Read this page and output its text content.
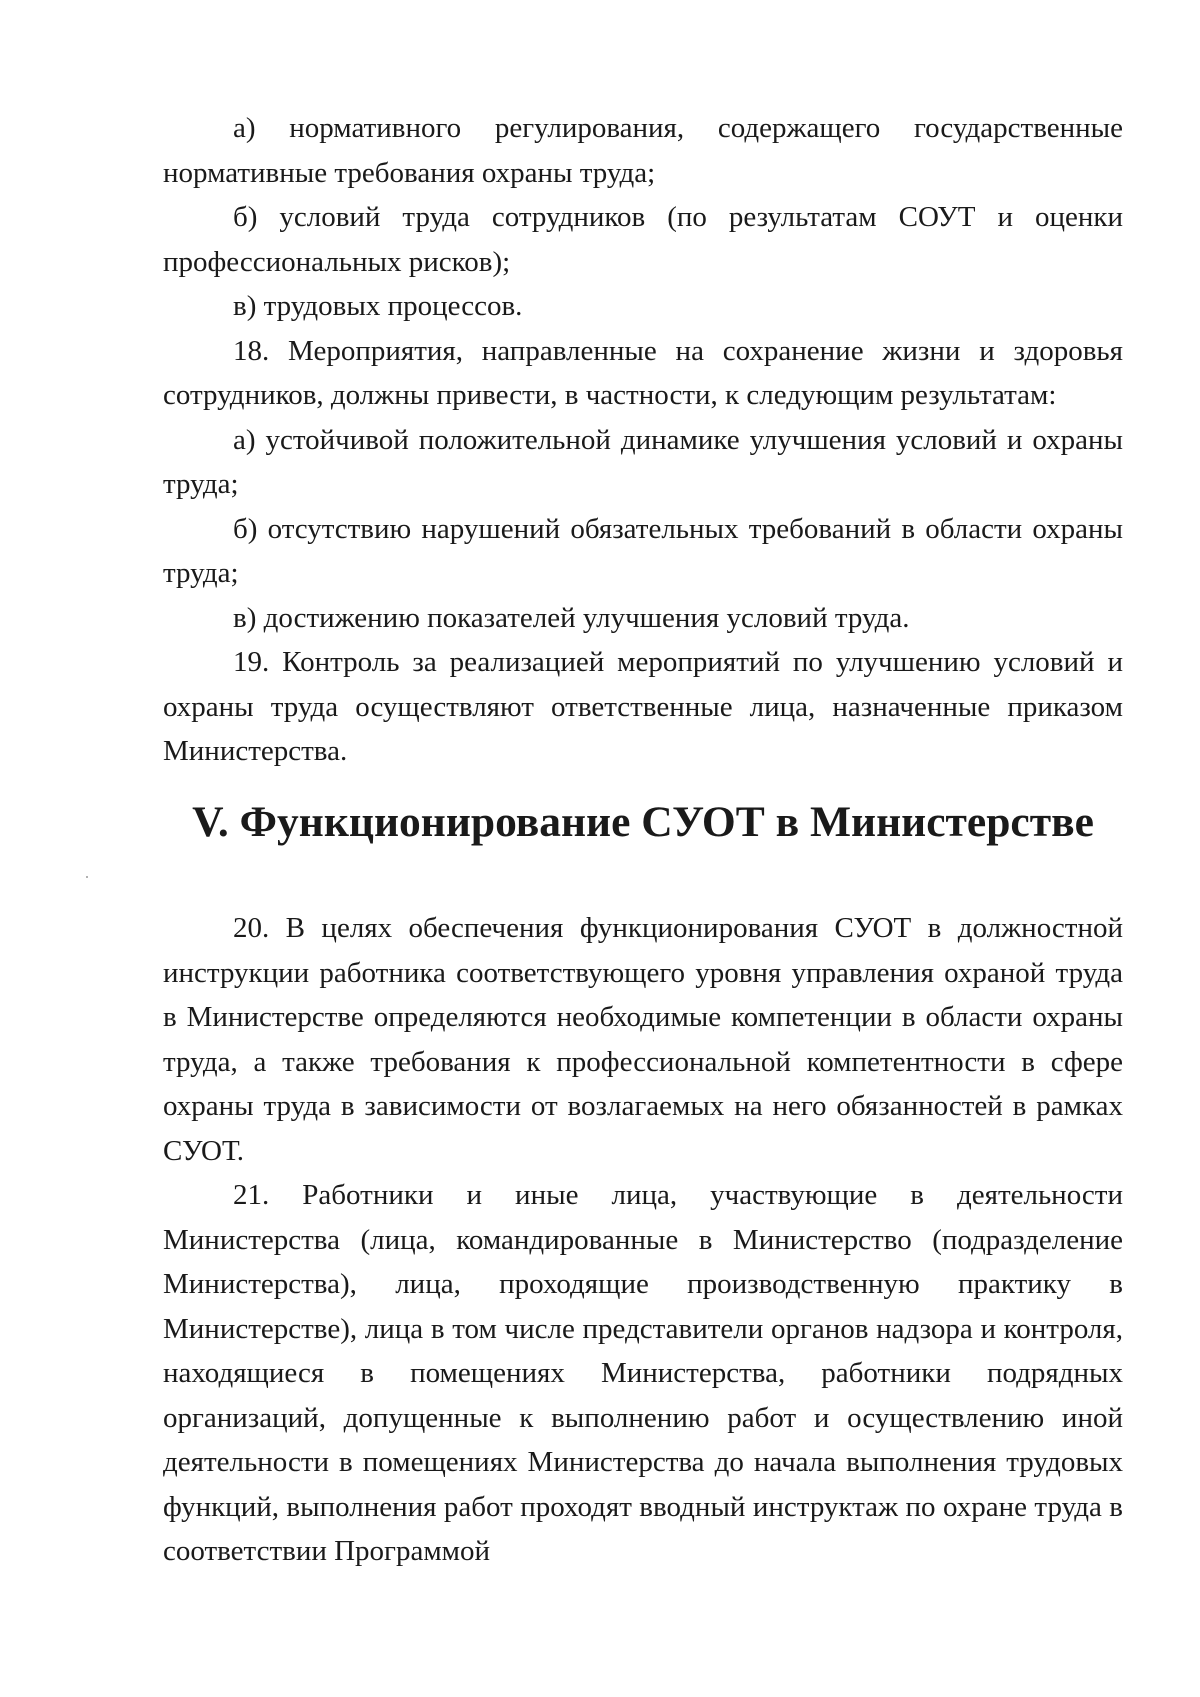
а) нормативного регулирования, содержащего государственные нормативные требования охраны труда;

б) условий труда сотрудников (по результатам СОУТ и оценки профессиональных рисков);

в) трудовых процессов.

18. Мероприятия, направленные на сохранение жизни и здоровья сотрудников, должны привести, в частности, к следующим результатам:

а) устойчивой положительной динамике улучшения условий и охраны труда;

б) отсутствию нарушений обязательных требований в области охраны труда;

в) достижению показателей улучшения условий труда.

19. Контроль за реализацией мероприятий по улучшению условий и охраны труда осуществляют ответственные лица, назначенные приказом Министерства.

V. Функционирование СУОТ в Министерстве

20. В целях обеспечения функционирования СУОТ в должностной инструкции работника соответствующего уровня управления охраной труда в Министерстве определяются необходимые компетенции в области охраны труда, а также требования к профессиональной компетентности в сфере охраны труда в зависимости от возлагаемых на него обязанностей в рамках СУОТ.

21. Работники и иные лица, участвующие в деятельности Министерства (лица, командированные в Министерство (подразделение Министерства), лица, проходящие производственную практику в Министерстве), лица в том числе представители органов надзора и контроля, находящиеся в помещениях Министерства, работники подрядных организаций, допущенные к выполнению работ и осуществлению иной деятельности в помещениях Министерства до начала выполнения трудовых функций, выполнения работ проходят вводный инструктаж по охране труда в соответствии Программой
